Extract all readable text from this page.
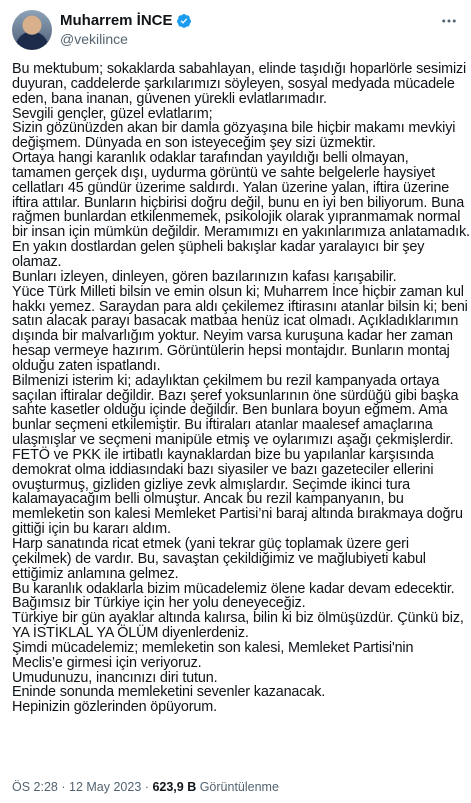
Muharrem İNCE
@vekilince

Bu mektubum; sokaklarda sabahlayan, elinde taşıdığı hoparlörle sesimizi

duyuran, caddelerde şarkılarımızı söyleyen, sosyal medyada mücadele

eden, bana inanan, güvenen yürekli evlatlarımadır.

Sevgili gençler, güzel evlatlarım;

Sizin gözünüzden akan bir damla gözyaşına bile hiçbir makamı mevkiyi

değişmem. Dünyada en son isteyeceğim şey sizi üzmektir.

Ortaya hangi karanlık odaklar tarafından yayıldığı belli olmayan,

tamamen gerçek dışı, uydurma görüntü ve sahte belgelerle haysiyet

cellatları 45 gündür üzerime saldırdı. Yalan üzerine yalan, iftira üzerine

iftira attılar. Bunların hiçbirisi doğru değil, bunu en iyi ben biliyorum. Buna

rağmen bunlardan etkilenmemek, psikolojik olarak yıpranmamak normal

bir insan için mümkün değildir. Meramımızı en yakınlarımıza anlatamadık.

En yakın dostlardan gelen şüpheli bakışlar kadar yaralayıcı bir şey

olamaz.

Bunları izleyen, dinleyen, gören bazılarınızın kafası karışabilir.

Yüce Türk Milleti bilsin ve emin olsun ki; Muharrem İnce hiçbir zaman kul

hakkı yemez. Saraydan para aldı çekilemez iftirasını atanlar bilsin ki; beni

satın alacak parayı basacak matbaa henüz icat olmadı. Açıkladıklarımın

dışında bir malvarlığım yoktur. Neyim varsa kuruşuna kadar her zaman

hesap vermeye hazırım. Görüntülerin hepsi montajdır. Bunların montaj

olduğu zaten ispatlandı.

Bilmenizi isterim ki; adaylıktan çekilmem bu rezil kampanyada ortaya

saçılan iftiralar değildir. Bazı şeref yoksunlarının öne sürdüğü gibi başka

sahte kasetler olduğu içinde değildir. Ben bunlara boyun eğmem. Ama

bunlar seçmeni etkilemiştir. Bu iftiraları atanlar maalesef amaçlarına

ulaşmışlar ve seçmeni manipüle etmiş ve oylarımızı aşağı çekmişlerdir.

FETÖ ve PKK ile irtibatlı kaynaklardan bize bu yapılanlar karşısında

demokrat olma iddiasındaki bazı siyasiler ve bazı gazeteciler ellerini

ovuşturmuş, gizliden gizliye zevk almışlardır. Seçimde ikinci tura

kalamayacağım belli olmuştur. Ancak bu rezil kampanyanın, bu

memleketin son kalesi Memleket Partisi’ni baraj altında bırakmaya doğru

gittiği için bu kararı aldım.

Harp sanatında ricat etmek (yani tekrar güç toplamak üzere geri

çekilmek) de vardır. Bu, savaştan çekildiğimiz ve mağlubiyeti kabul

ettiğimiz anlamına gelmez.

Bu karanlık odaklarla bizim mücadelemiz ölene kadar devam edecektir.

Bağımsız bir Türkiye için her yolu deneyeceğiz.

Türkiye bir gün ayaklar altında kalırsa, bilin ki biz ölmüşüzdür. Çünkü biz,

YA İSTİKLAL YA ÖLÜM diyenlerdeniz.

Şimdi mücadelemiz; memleketin son kalesi, Memleket Partisi'nin

Meclis’e girmesi için veriyoruz.

Umudunuzu, inancınızı diri tutun.

Eninde sonunda memleketini sevenler kazanacak.

Hepinizin gözlerinden öpüyorum.

ÖS 2:28 · 12 May 2023 · 623,9 B Görüntülenme
